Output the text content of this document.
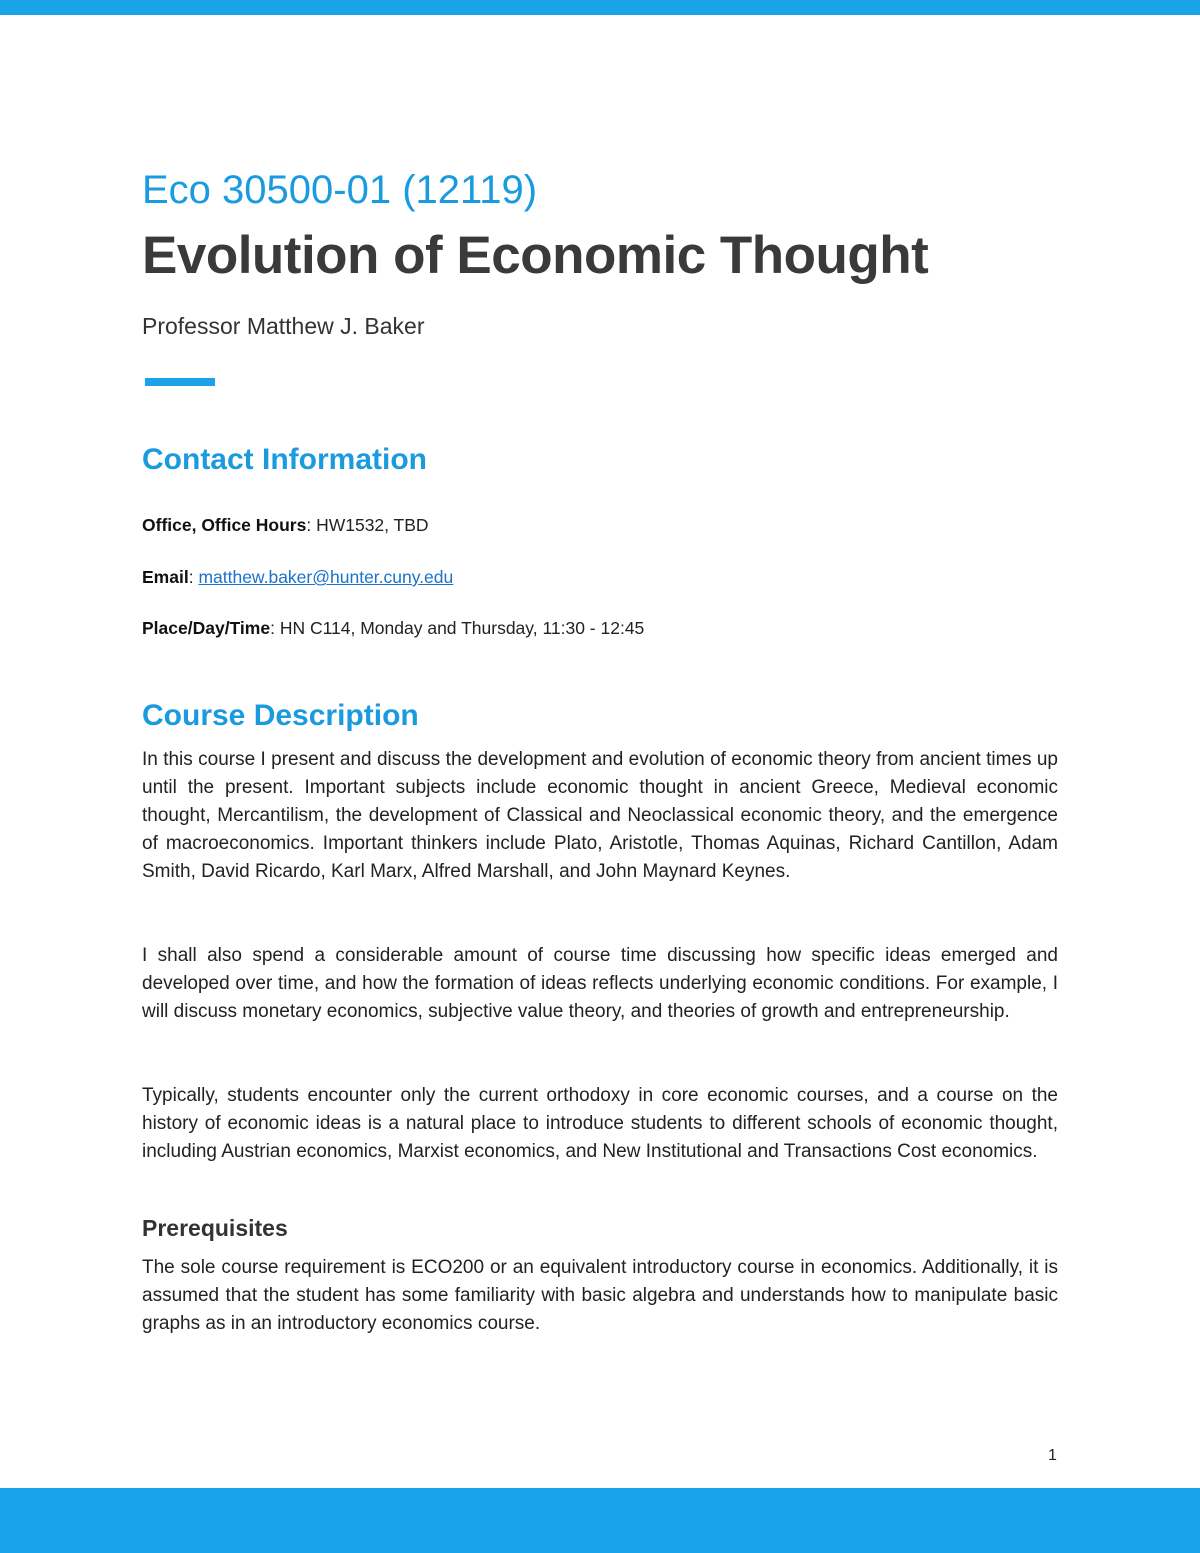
Eco 30500-01 (12119)
Evolution of Economic Thought
Professor Matthew J. Baker
Contact Information
Office, Office Hours: HW1532, TBD
Email: matthew.baker@hunter.cuny.edu
Place/Day/Time: HN C114, Monday and Thursday, 11:30 - 12:45
Course Description

In this course I present and discuss the development and evolution of economic theory from ancient times up until the present. Important subjects include economic thought in ancient Greece, Medieval economic thought, Mercantilism, the development of Classical and Neoclassical economic theory, and the emergence of macroeconomics. Important thinkers include Plato, Aristotle, Thomas Aquinas, Richard Cantillon, Adam Smith, David Ricardo, Karl Marx, Alfred Marshall, and John Maynard Keynes.

I shall also spend a considerable amount of course time discussing how specific ideas emerged and developed over time, and how the formation of ideas reflects underlying economic conditions. For example, I will discuss monetary economics, subjective value theory, and theories of growth and entrepreneurship.

Typically, students encounter only the current orthodoxy in core economic courses, and a course on the history of economic ideas is a natural place to introduce students to different schools of economic thought, including Austrian economics, Marxist economics, and New Institutional and Transactions Cost economics.

Prerequisites

The sole course requirement is ECO200 or an equivalent introductory course in economics. Additionally, it is assumed that the student has some familiarity with basic algebra and understands how to manipulate basic graphs as in an introductory economics course.

1
